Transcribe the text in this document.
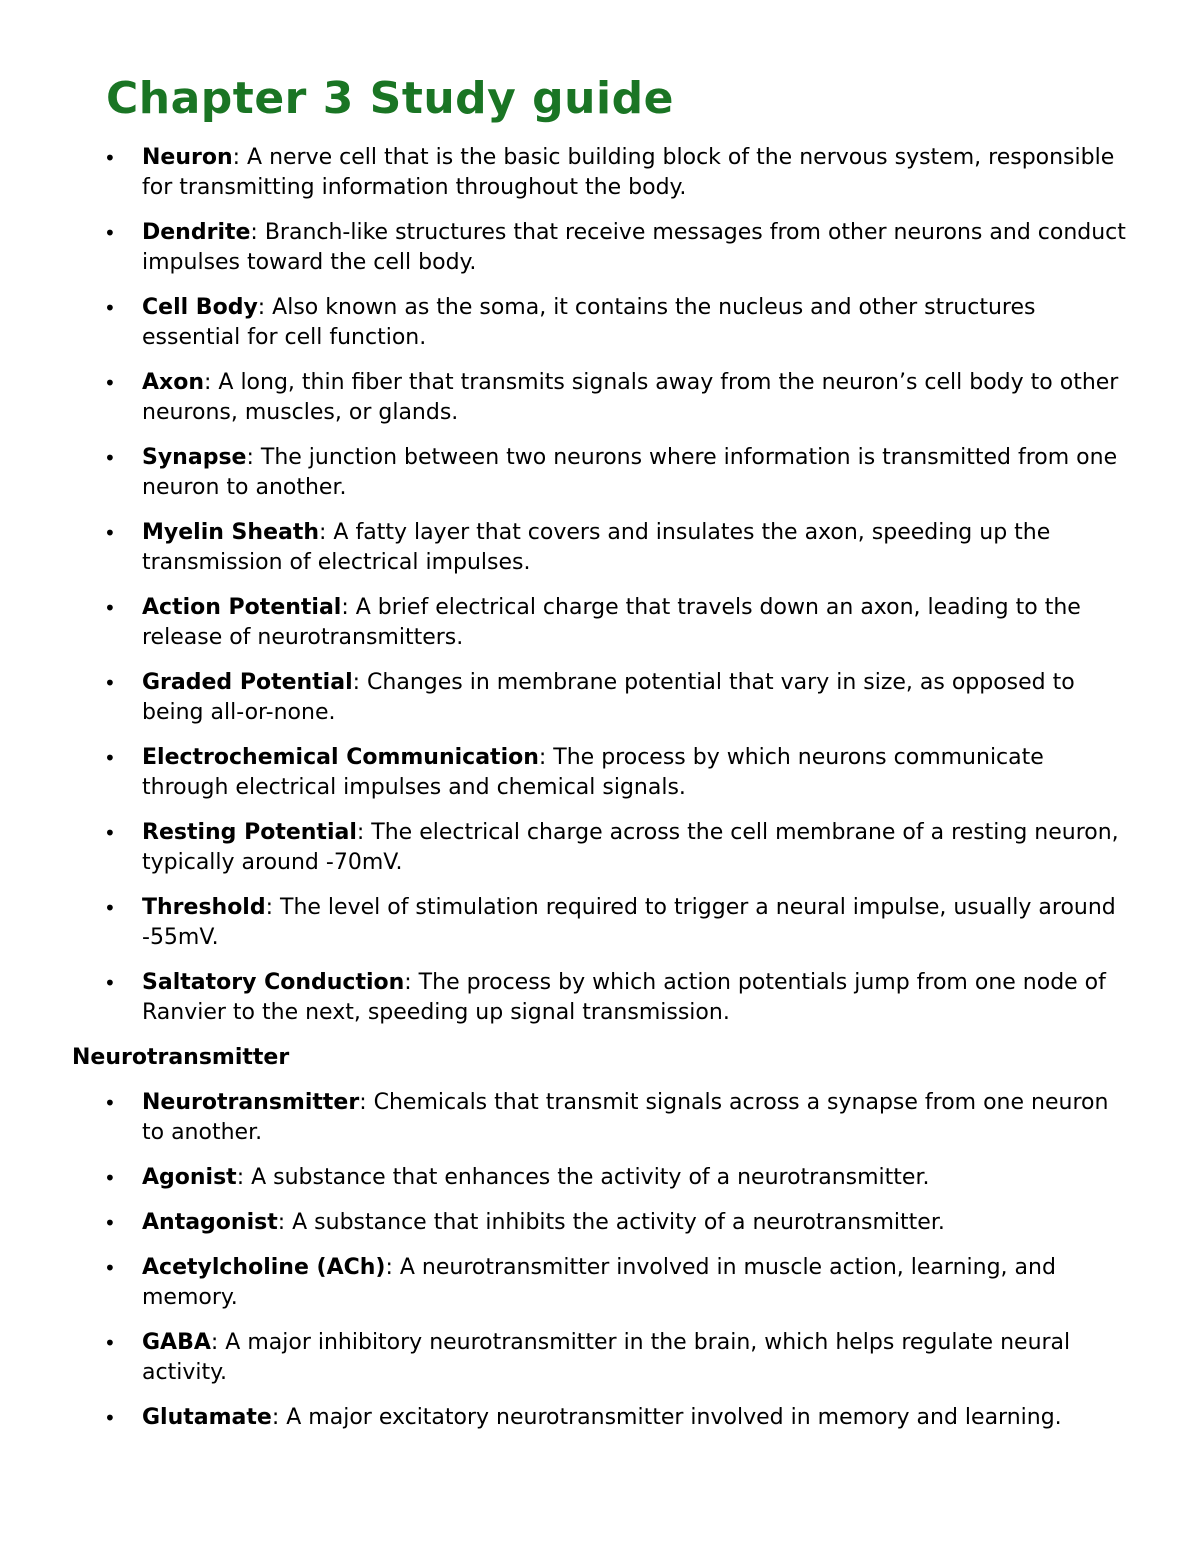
Chapter 3 Study guide
• Neuron: A nerve cell that is the basic building block of the nervous system, responsible for transmitting information throughout the body.
• Dendrite: Branch-like structures that receive messages from other neurons and conduct impulses toward the cell body.
• Cell Body: Also known as the soma, it contains the nucleus and other structures essential for cell function.
• Axon: A long, thin fiber that transmits signals away from the neuron’s cell body to other neurons, muscles, or glands.
• Synapse: The junction between two neurons where information is transmitted from one neuron to another.
• Myelin Sheath: A fatty layer that covers and insulates the axon, speeding up the transmission of electrical impulses.
• Action Potential: A brief electrical charge that travels down an axon, leading to the release of neurotransmitters.
• Graded Potential: Changes in membrane potential that vary in size, as opposed to being all-or-none.
• Electrochemical Communication: The process by which neurons communicate through electrical impulses and chemical signals.
• Resting Potential: The electrical charge across the cell membrane of a resting neuron, typically around -70mV.
• Threshold: The level of stimulation required to trigger a neural impulse, usually around -55mV.
• Saltatory Conduction: The process by which action potentials jump from one node of Ranvier to the next, speeding up signal transmission.
Neurotransmitter
• Neurotransmitter: Chemicals that transmit signals across a synapse from one neuron to another.
• Agonist: A substance that enhances the activity of a neurotransmitter.
• Antagonist: A substance that inhibits the activity of a neurotransmitter.
• Acetylcholine (ACh): A neurotransmitter involved in muscle action, learning, and memory.
• GABA: A major inhibitory neurotransmitter in the brain, which helps regulate neural activity.
• Glutamate: A major excitatory neurotransmitter involved in memory and learning.
